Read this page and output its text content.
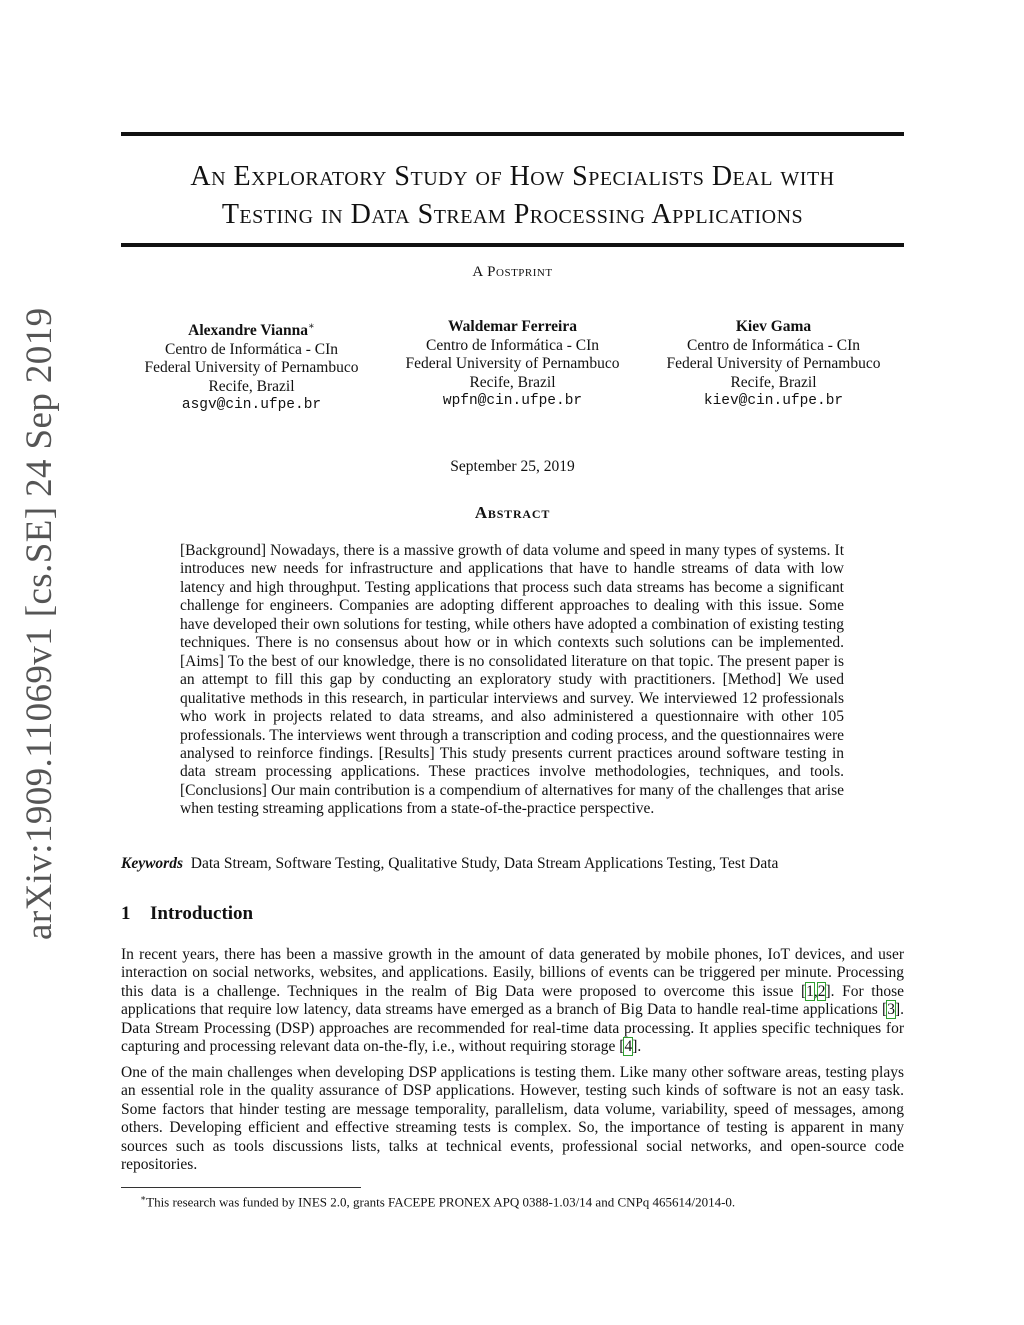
arXiv:1909.11069v1 [cs.SE] 24 Sep 2019
An Exploratory Study of How Specialists Deal with
Testing in Data Stream Processing Applications
A Postprint
Alexandre Vianna∗
Centro de Informática - CIn
Federal University of Pernambuco
Recife, Brazil
asgv@cin.ufpe.br
Waldemar Ferreira
Centro de Informática - CIn
Federal University of Pernambuco
Recife, Brazil
wpfn@cin.ufpe.br
Kiev Gama
Centro de Informática - CIn
Federal University of Pernambuco
Recife, Brazil
kiev@cin.ufpe.br
September 25, 2019
Abstract
[Background] Nowadays, there is a massive growth of data volume and speed in many types of systems. It introduces new needs for infrastructure and applications that have to handle streams of data with low latency and high throughput. Testing applications that process such data streams has become a significant challenge for engineers. Companies are adopting different approaches to dealing with this issue. Some have developed their own solutions for testing, while others have adopted a combination of existing testing techniques. There is no consensus about how or in which contexts such solutions can be implemented. [Aims] To the best of our knowledge, there is no consolidated literature on that topic. The present paper is an attempt to fill this gap by conducting an exploratory study with practitioners. [Method] We used qualitative methods in this research, in particular interviews and survey. We interviewed 12 professionals who work in projects related to data streams, and also administered a questionnaire with other 105 professionals. The interviews went through a transcription and coding process, and the questionnaires were analysed to reinforce findings. [Results] This study presents current practices around software testing in data stream processing applications. These practices involve methodologies, techniques, and tools. [Conclusions] Our main contribution is a compendium of alternatives for many of the challenges that arise when testing streaming applications from a state-of-the-practice perspective.
Keywords Data Stream, Software Testing, Qualitative Study, Data Stream Applications Testing, Test Data
1 Introduction

In recent years, there has been a massive growth in the amount of data generated by mobile phones, IoT devices, and user interaction on social networks, websites, and applications. Easily, billions of events can be triggered per minute. Processing this data is a challenge. Techniques in the realm of Big Data were proposed to overcome this issue [1,2]. For those applications that require low latency, data streams have emerged as a branch of Big Data to handle real-time applications [3]. Data Stream Processing (DSP) approaches are recommended for real-time data processing. It applies specific techniques for capturing and processing relevant data on-the-fly, i.e., without requiring storage [4].

One of the main challenges when developing DSP applications is testing them. Like many other software areas, testing plays an essential role in the quality assurance of DSP applications. However, testing such kinds of software is not an easy task. Some factors that hinder testing are message temporality, parallelism, data volume, variability, speed of messages, among others. Developing efficient and effective streaming tests is complex. So, the importance of testing is apparent in many sources such as tools discussions lists, talks at technical events, professional social networks, and open-source code repositories.

∗This research was funded by INES 2.0, grants FACEPE PRONEX APQ 0388-1.03/14 and CNPq 465614/2014-0.
